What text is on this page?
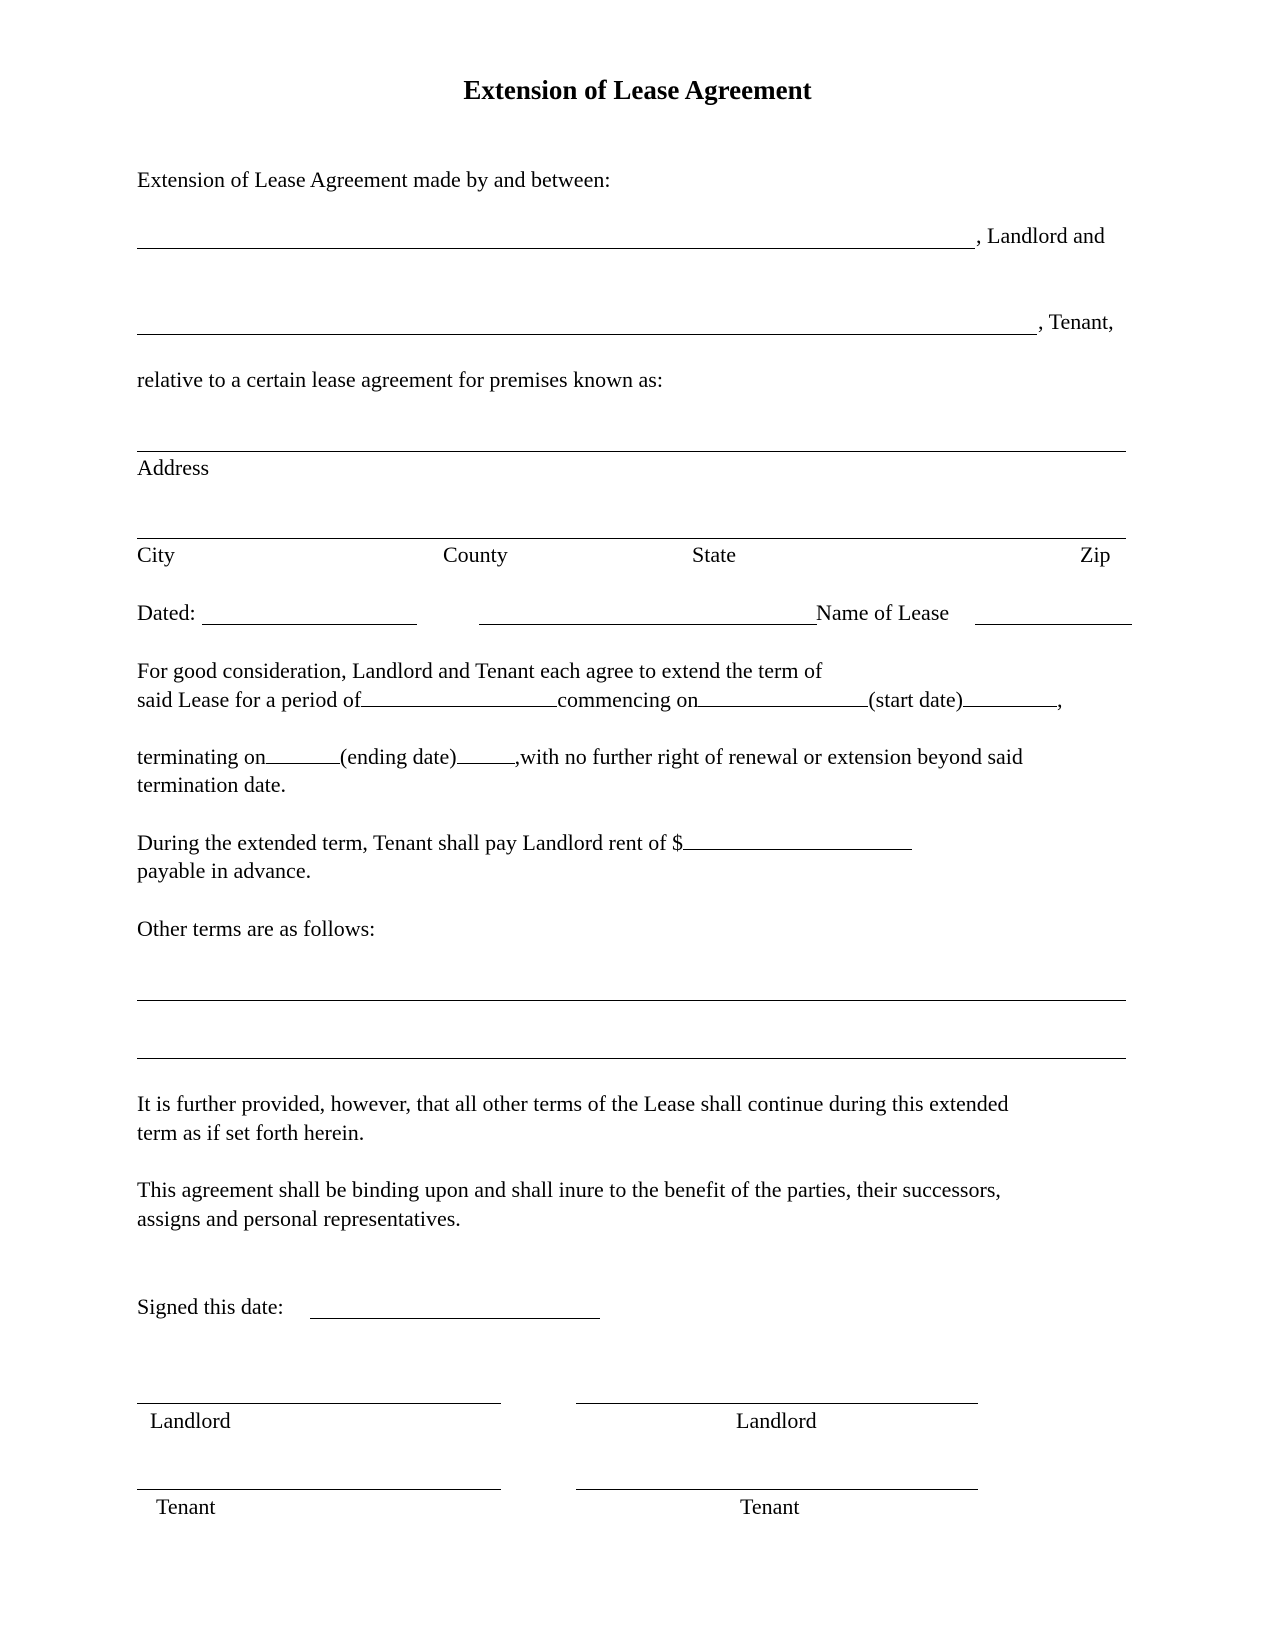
Extension of Lease Agreement
Extension of Lease Agreement made by and between:
, Landlord and
, Tenant,
relative to a certain lease agreement for premises known as:
Address
City	County	State	Zip
Dated:	Name of Lease
For good consideration, Landlord and Tenant each agree to extend the term of
said Lease for a period of	commencing on	(start date)	,
terminating on	(ending date)	,with no further right of renewal or extension beyond said
termination date.
During the extended term, Tenant shall pay Landlord rent of $
payable in advance.
Other terms are as follows:
It is further provided, however, that all other terms of the Lease shall continue during this extended
term as if set forth herein.
This agreement shall be binding upon and shall inure to the benefit of the parties, their successors,
assigns and personal representatives.
Signed this date:
Landlord	Landlord
Tenant	Tenant
